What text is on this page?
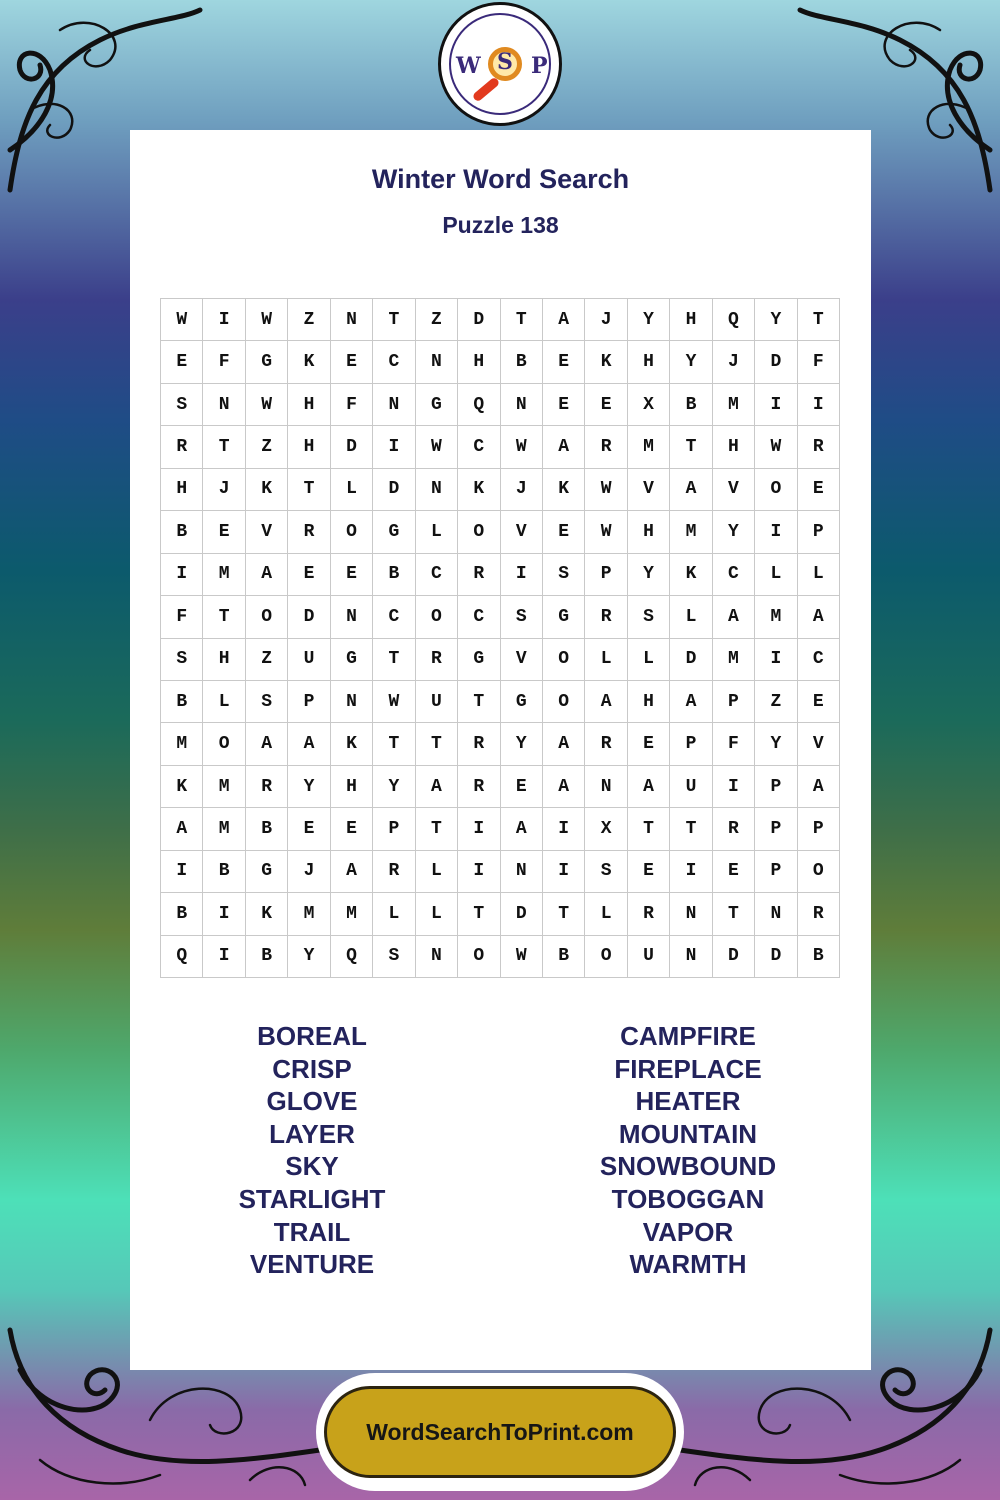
W S P
Winter Word Search
Puzzle 138
W	I	W	Z	N	T	Z	D	T	A	J	Y	H	Q	Y	T
E	F	G	K	E	C	N	H	B	E	K	H	Y	J	D	F
S	N	W	H	F	N	G	Q	N	E	E	X	B	M	I	I
R	T	Z	H	D	I	W	C	W	A	R	M	T	H	W	R
H	J	K	T	L	D	N	K	J	K	W	V	A	V	O	E
B	E	V	R	O	G	L	O	V	E	W	H	M	Y	I	P
I	M	A	E	E	B	C	R	I	S	P	Y	K	C	L	L
F	T	O	D	N	C	O	C	S	G	R	S	L	A	M	A
S	H	Z	U	G	T	R	G	V	O	L	L	D	M	I	C
B	L	S	P	N	W	U	T	G	O	A	H	A	P	Z	E
M	O	A	A	K	T	T	R	Y	A	R	E	P	F	Y	V
K	M	R	Y	H	Y	A	R	E	A	N	A	U	I	P	A
A	M	B	E	E	P	T	I	A	I	X	T	T	R	P	P
I	B	G	J	A	R	L	I	N	I	S	E	I	E	P	O
B	I	K	M	M	L	L	T	D	T	L	R	N	T	N	R
Q	I	B	Y	Q	S	N	O	W	B	O	U	N	D	D	B
BOREAL
CRISP
GLOVE
LAYER
SKY
STARLIGHT
TRAIL
VENTURE
CAMPFIRE
FIREPLACE
HEATER
MOUNTAIN
SNOWBOUND
TOBOGGAN
VAPOR
WARMTH
WordSearchToPrint.com
